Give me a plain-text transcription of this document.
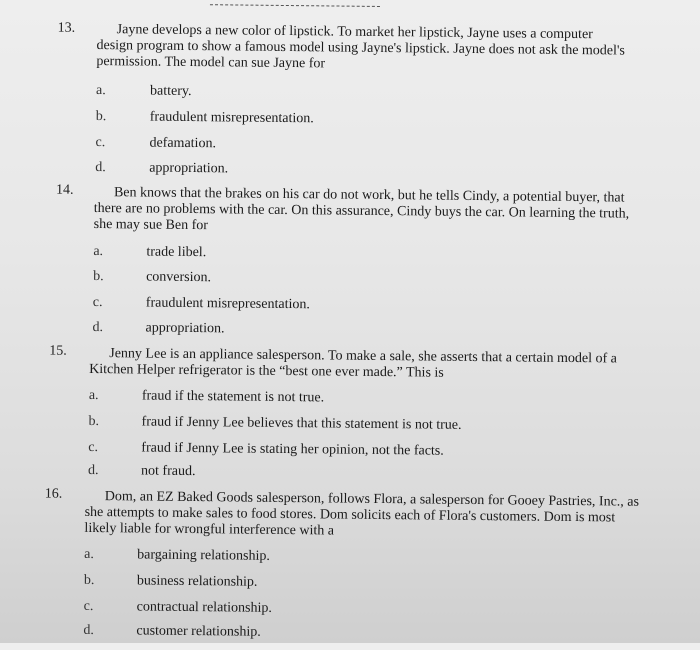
13.	Jayne develops a new color of lipstick. To market her lipstick, Jayne uses a computer design program to show a famous model using Jayne's lipstick. Jayne does not ask the model's permission. The model can sue Jayne for
a.	battery.
b.	fraudulent misrepresentation.
c.	defamation.
d.	appropriation.
14.	Ben knows that the brakes on his car do not work, but he tells Cindy, a potential buyer, that there are no problems with the car. On this assurance, Cindy buys the car. On learning the truth, she may sue Ben for
a.	trade libel.
b.	conversion.
c.	fraudulent misrepresentation.
d.	appropriation.
15.	Jenny Lee is an appliance salesperson. To make a sale, she asserts that a certain model of a Kitchen Helper refrigerator is the “best one ever made.” This is
a.	fraud if the statement is not true.
b.	fraud if Jenny Lee believes that this statement is not true.
c.	fraud if Jenny Lee is stating her opinion, not the facts.
d.	not fraud.
16.	Dom, an EZ Baked Goods salesperson, follows Flora, a salesperson for Gooey Pastries, Inc., as she attempts to make sales to food stores. Dom solicits each of Flora's customers. Dom is most likely liable for wrongful interference with a
a.	bargaining relationship.
b.	business relationship.
c.	contractual relationship.
d.	customer relationship.
